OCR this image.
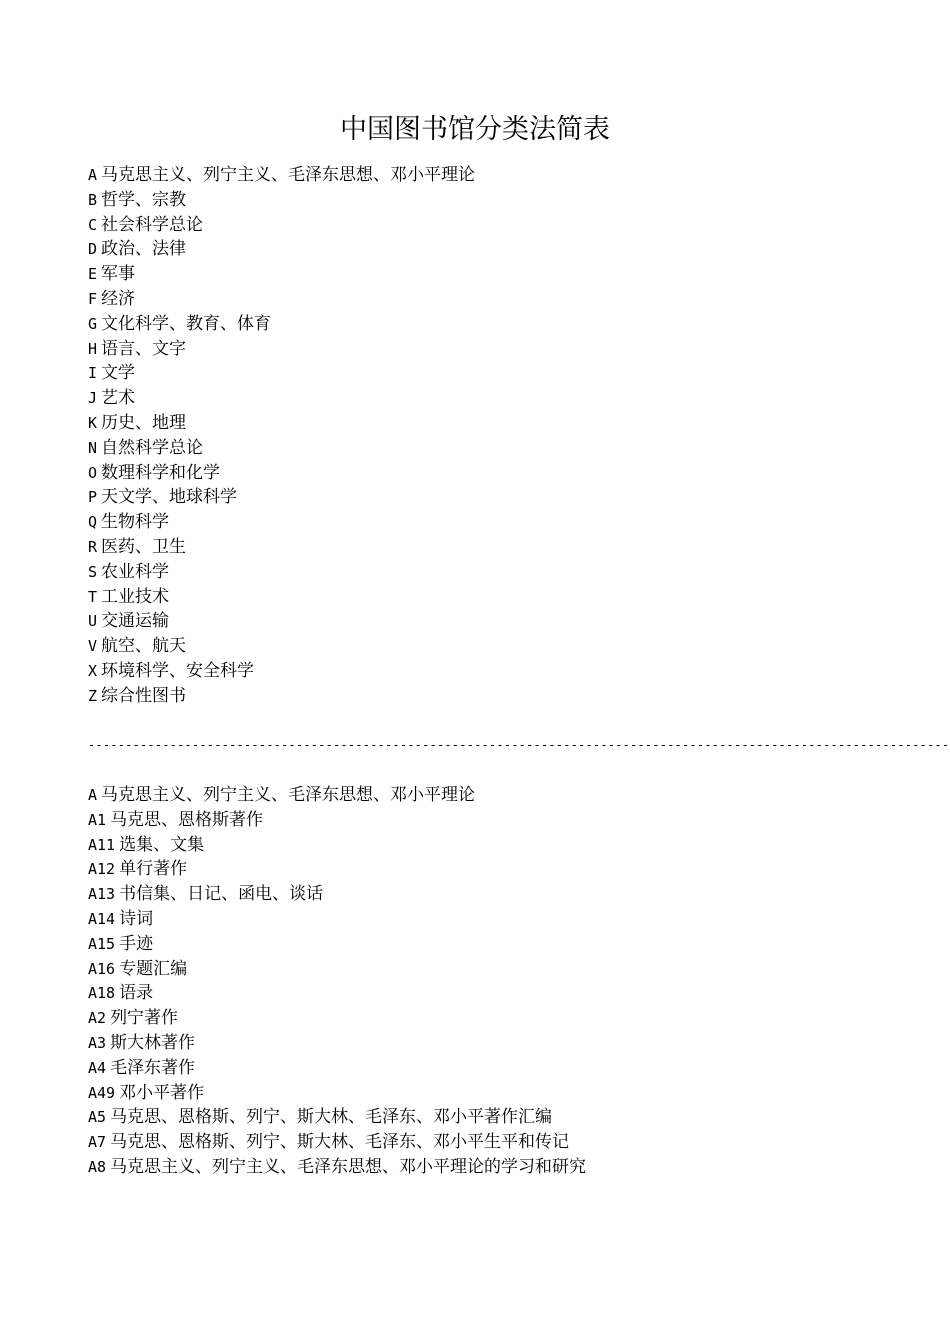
中国图书馆分类法简表
A 马克思主义、列宁主义、毛泽东思想、邓小平理论
B 哲学、宗教
C 社会科学总论
D 政治、法律
E 军事
F 经济
G 文化科学、教育、体育
H 语言、文字
I 文学
J 艺术
K 历史、地理
N 自然科学总论
O 数理科学和化学
P 天文学、地球科学
Q 生物科学
R 医药、卫生
S 农业科学
T 工业技术
U 交通运输
V 航空、航天
X 环境科学、安全科学
Z 综合性图书
--------------------------------------------------------------------------------------------------------------------
A 马克思主义、列宁主义、毛泽东思想、邓小平理论
A1 马克思、恩格斯著作
A11 选集、文集
A12 单行著作
A13 书信集、日记、函电、谈话
A14 诗词
A15 手迹
A16 专题汇编
A18 语录
A2 列宁著作
A3 斯大林著作
A4 毛泽东著作
A49 邓小平著作
A5 马克思、恩格斯、列宁、斯大林、毛泽东、邓小平著作汇编
A7 马克思、恩格斯、列宁、斯大林、毛泽东、邓小平生平和传记
A8 马克思主义、列宁主义、毛泽东思想、邓小平理论的学习和研究
